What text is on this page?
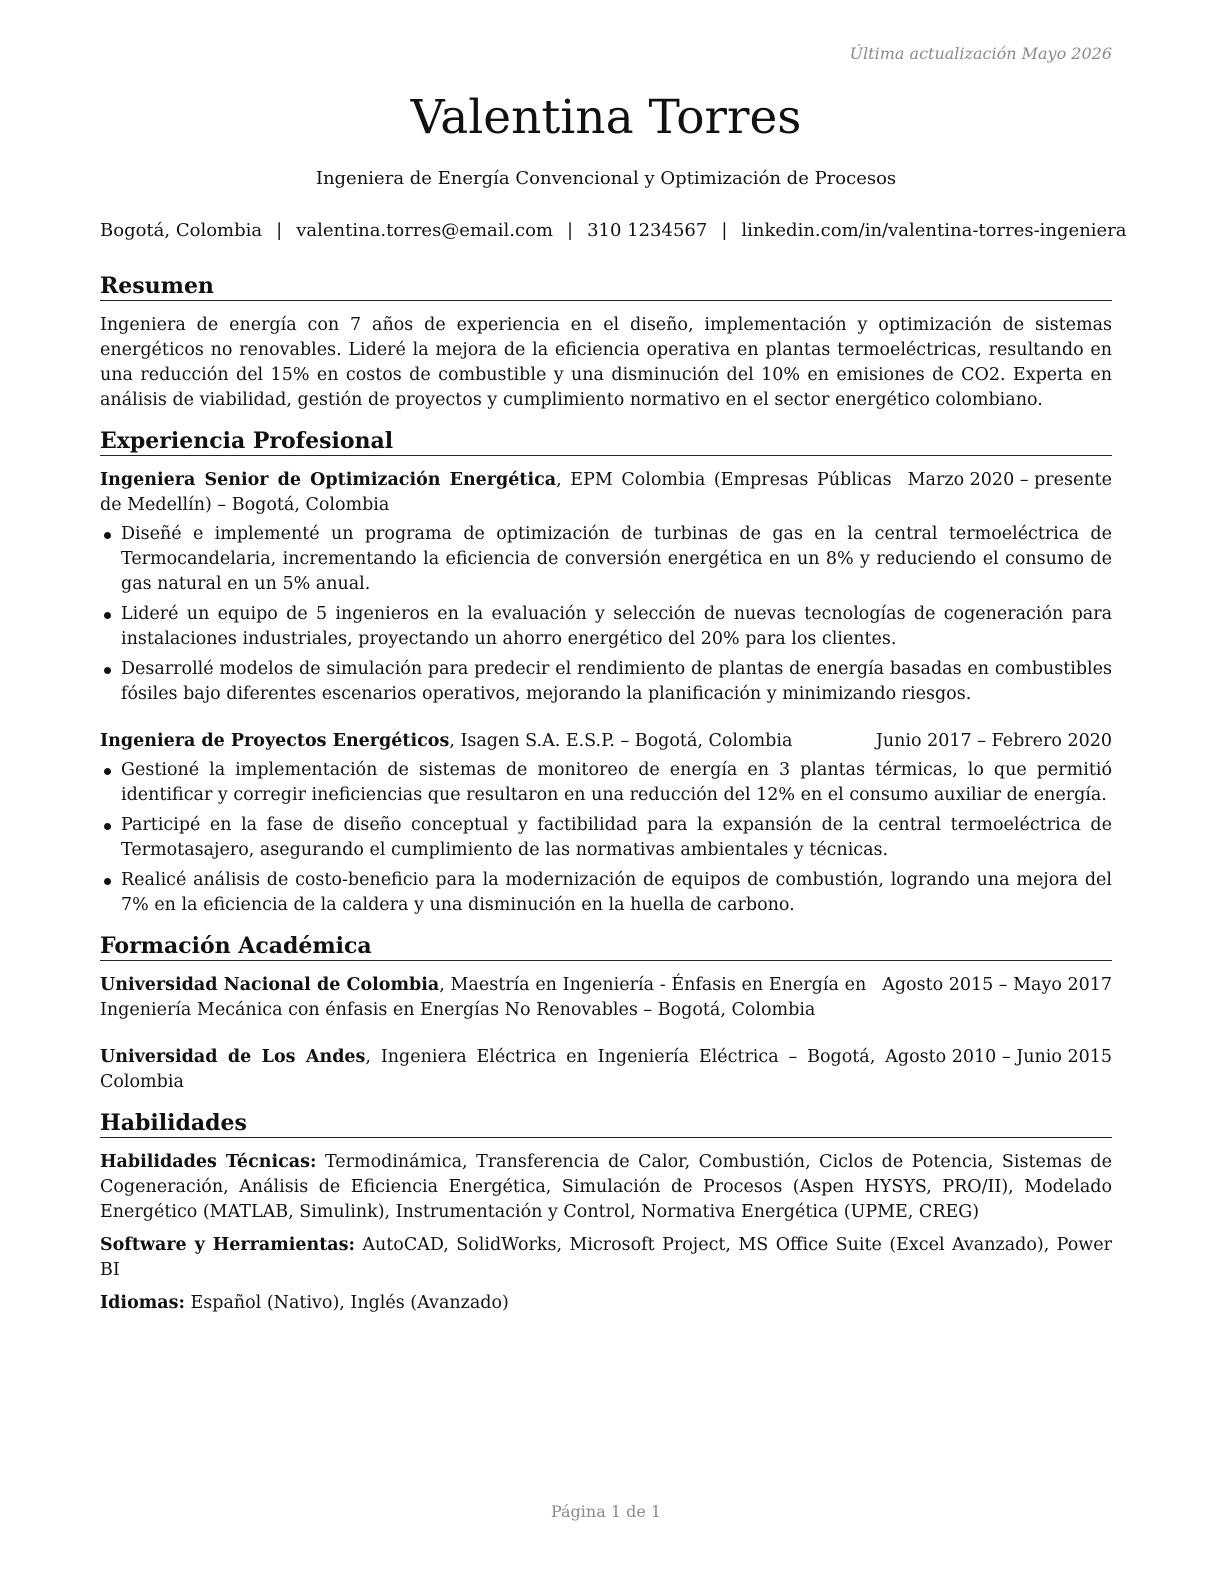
Última actualización Mayo 2026
Valentina Torres
Ingeniera de Energía Convencional y Optimización de Procesos
Bogotá, Colombia | valentina.torres@email.com | 310 1234567 | linkedin.com/in/valentina-torres-ingeniera
Resumen

Ingeniera de energía con 7 años de experiencia en el diseño, implementación y optimización de sistemas energéticos no renovables. Lideré la mejora de la eficiencia operativa en plantas termoeléctricas, resultando en una reducción del 15% en costos de combustible y una disminución del 10% en emisiones de CO2. Experta en análisis de viabilidad, gestión de proyectos y cumplimiento normativo en el sector energético colombiano.

Experiencia Profesional
Ingeniera Senior de Optimización Energética, EPM Colombia (Empresas Públicas de Medellín) – Bogotá, Colombia
Marzo 2020 – presente
Diseñé e implementé un programa de optimización de turbinas de gas en la central termoeléctrica de Termocandelaria, incrementando la eficiencia de conversión energética en un 8% y reduciendo el consumo de gas natural en un 5% anual.
Lideré un equipo de 5 ingenieros en la evaluación y selección de nuevas tecnologías de cogeneración para instalaciones industriales, proyectando un ahorro energético del 20% para los clientes.
Desarrollé modelos de simulación para predecir el rendimiento de plantas de energía basadas en combustibles fósiles bajo diferentes escenarios operativos, mejorando la planificación y minimizando riesgos.
Ingeniera de Proyectos Energéticos, Isagen S.A. E.S.P. – Bogotá, Colombia	Junio 2017 – Febrero 2020
Gestioné la implementación de sistemas de monitoreo de energía en 3 plantas térmicas, lo que permitió identificar y corregir ineficiencias que resultaron en una reducción del 12% en el consumo auxiliar de energía.
Participé en la fase de diseño conceptual y factibilidad para la expansión de la central termoeléctrica de Termotasajero, asegurando el cumplimiento de las normativas ambientales y técnicas.
Realicé análisis de costo-beneficio para la modernización de equipos de combustión, logrando una mejora del 7% en la eficiencia de la caldera y una disminución en la huella de carbono.
Formación Académica
Universidad Nacional de Colombia, Maestría en Ingeniería - Énfasis en Energía en Ingeniería Mecánica con énfasis en Energías No Renovables – Bogotá, Colombia
Agosto 2015 – Mayo 2017
Universidad de Los Andes, Ingeniera Eléctrica en Ingeniería Eléctrica – Bogotá, Colombia
Agosto 2010 – Junio 2015
Habilidades

Habilidades Técnicas: Termodinámica, Transferencia de Calor, Combustión, Ciclos de Potencia, Sistemas de Cogeneración, Análisis de Eficiencia Energética, Simulación de Procesos (Aspen HYSYS, PRO/II), Modelado Energético (MATLAB, Simulink), Instrumentación y Control, Normativa Energética (UPME, CREG)

Software y Herramientas: AutoCAD, SolidWorks, Microsoft Project, MS Office Suite (Excel Avanzado), Power BI

Idiomas: Español (Nativo), Inglés (Avanzado)

Página 1 de 1
